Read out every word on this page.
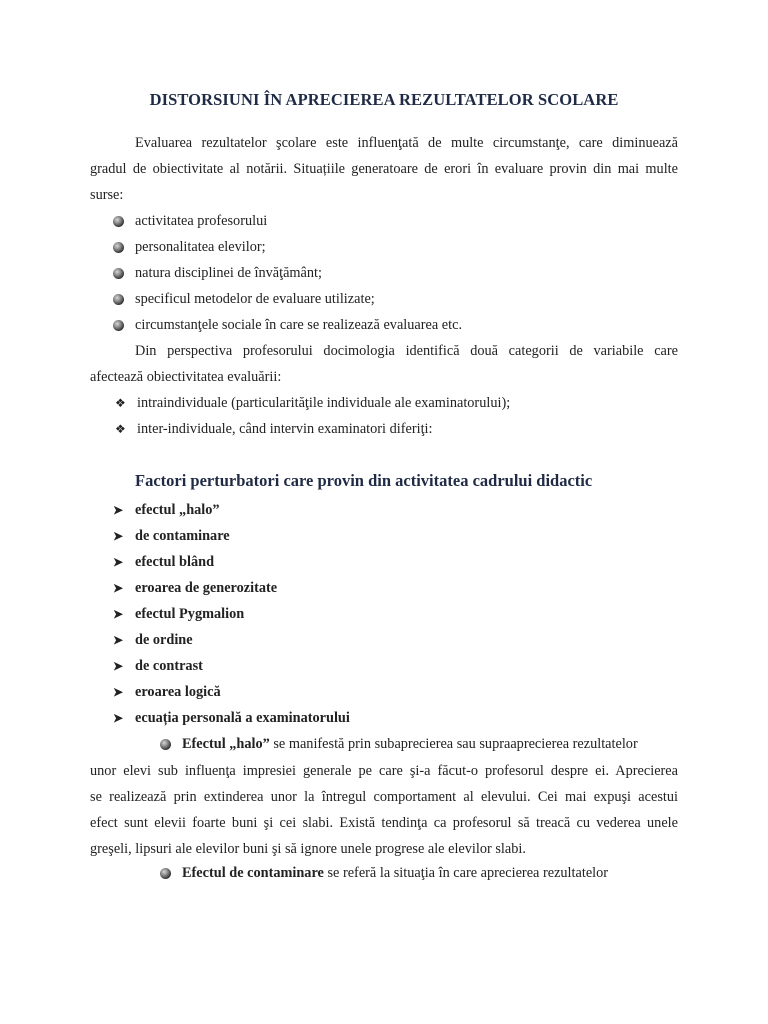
DISTORSIUNI ÎN APRECIEREA REZULTATELOR SCOLARE
Evaluarea rezultatelor şcolare este influenţată de multe circumstanţe, care diminuează
gradul de obiectivitate al notării. Situațiile generatoare de erori în evaluare provin din mai multe
surse:
activitatea profesorului
personalitatea elevilor;
natura disciplinei de învăţământ;
specificul metodelor de evaluare utilizate;
circumstanţele sociale în care se realizează evaluarea etc.
Din perspectiva profesorului docimologia identifică două categorii de variabile care
afectează obiectivitatea evaluării:
❖ intraindividuale (particularităţile individuale ale examinatorului);
❖ inter-individuale, când intervin examinatori diferiţi:
Factori perturbatori care provin din activitatea cadrului didactic
➤ efectul „halo”
➤ de contaminare
➤ efectul blând
➤ eroarea de generozitate
➤ efectul Pygmalion
➤ de ordine
➤ de contrast
➤ eroarea logică
➤ ecuația personală a examinatorului
Efectul „halo” se manifestă prin subaprecierea sau supraaprecierea rezultatelor
unor elevi sub influenţa impresiei generale pe care şi-a făcut-o profesorul despre ei. Aprecierea
se realizează prin extinderea unor la întregul comportament al elevului. Cei mai expuşi acestui
efect sunt elevii foarte buni şi cei slabi. Există tendinţa ca profesorul să treacă cu vederea unele
greşeli, lipsuri ale elevilor buni şi să ignore unele progrese ale elevilor slabi.
Efectul de contaminare se referă la situaţia în care aprecierea rezultatelor
